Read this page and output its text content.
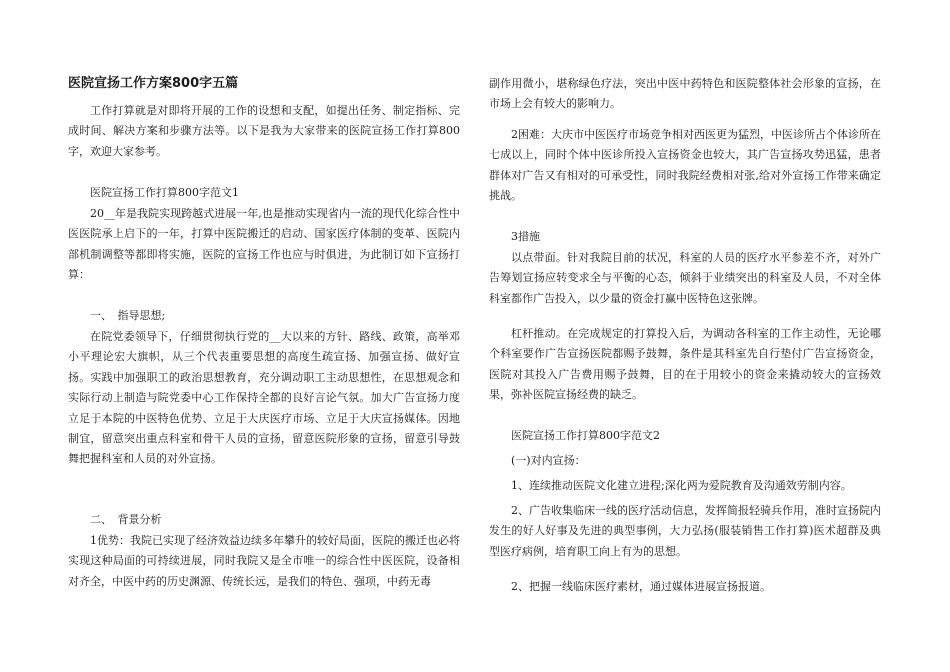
医院宣扬工作方案800字五篇

工作打算就是对即将开展的工作的设想和支配，如提出任务、制定指标、完成时间、解决方案和步骤方法等。以下是我为大家带来的医院宣扬工作打算800字，欢迎大家参考。

医院宣扬工作打算800字范文1

20__年是我院实现跨越式进展一年,也是推动实现省内一流的现代化综合性中医医院承上启下的一年，打算中医院搬迁的启动、国家医疗体制的变革、医院内部机制调整等都即将实施，医院的宣扬工作也应与时俱进，为此制订如下宣扬打算：

一、　指导思想;

在院党委领导下，仔细贯彻执行党的__大以来的方针、路线、政策，高举邓小平理论宏大旗帜，从三个代表重要思想的高度生疏宣扬、加强宣扬、做好宣扬。实践中加强职工的政治思想教育，充分调动职工主动思想性，在思想观念和实际行动上制造与院党委中心工作保持全都的良好言论气氛。加大广告宣扬力度立足于本院的中医特色优势、立足于大庆医疗市场、立足于大庆宣扬媒体。因地制宜，留意突出重点科室和骨干人员的宣扬，留意医院形象的宣扬，留意引导鼓舞把握科室和人员的对外宣扬。

二、　背景分析

1优势：我院已实现了经济效益边续多年攀升的较好局面，医院的搬迁也必将实现这种局面的可持续进展，同时我院又是全市唯一的综合性中医医院，设备相对齐全，中医中药的历史渊源、传统长远，是我们的特色、强项，中药无毒

副作用微小，堪称绿色疗法，突出中医中药特色和医院整体社会形象的宣扬，在市场上会有较大的影响力。

2困难：大庆市中医医疗市场竞争相对西医更为猛烈，中医诊所占个体诊所在七成以上，同时个体中医诊所投入宣扬资金也较大，其广告宣扬攻势迅猛，患者群体对广告又有相对的可承受性，同时我院经费相对张,给对外宣扬工作带来确定挑战。

3措施

以点带面。针对我院目前的状况，科室的人员的医疗水平参差不齐，对外广告筹划宣扬应转变求全与平衡的心态，倾斜于业绩突出的科室及人员，不对全体科室都作广告投入，以少量的资金打赢中医特色这张牌。

杠杆推动。在完成规定的打算投入后，为调动各科室的工作主动性，无论哪个科室要作广告宣扬医院都赐予鼓舞，条件是其科室先自行垫付广告宣扬资金，医院对其投入广告费用赐予鼓舞，目的在于用较小的资金来撬动较大的宣扬效果，弥补医院宣扬经费的缺乏。

医院宣扬工作打算800字范文2

(一)对内宣扬：

1、连续推动医院文化建立进程;深化两为爱院教育及沟通效劳制内容。

2、广告收集临床一线的医疗活动信息，发挥简报轻骑兵作用，准时宣扬院内发生的好人好事及先进的典型事例，大力弘扬(服装销售工作打算)医术超群及典型医疗病例，培育职工向上有为的思想。

2、把握一线临床医疗素材，通过媒体进展宣扬报道。
